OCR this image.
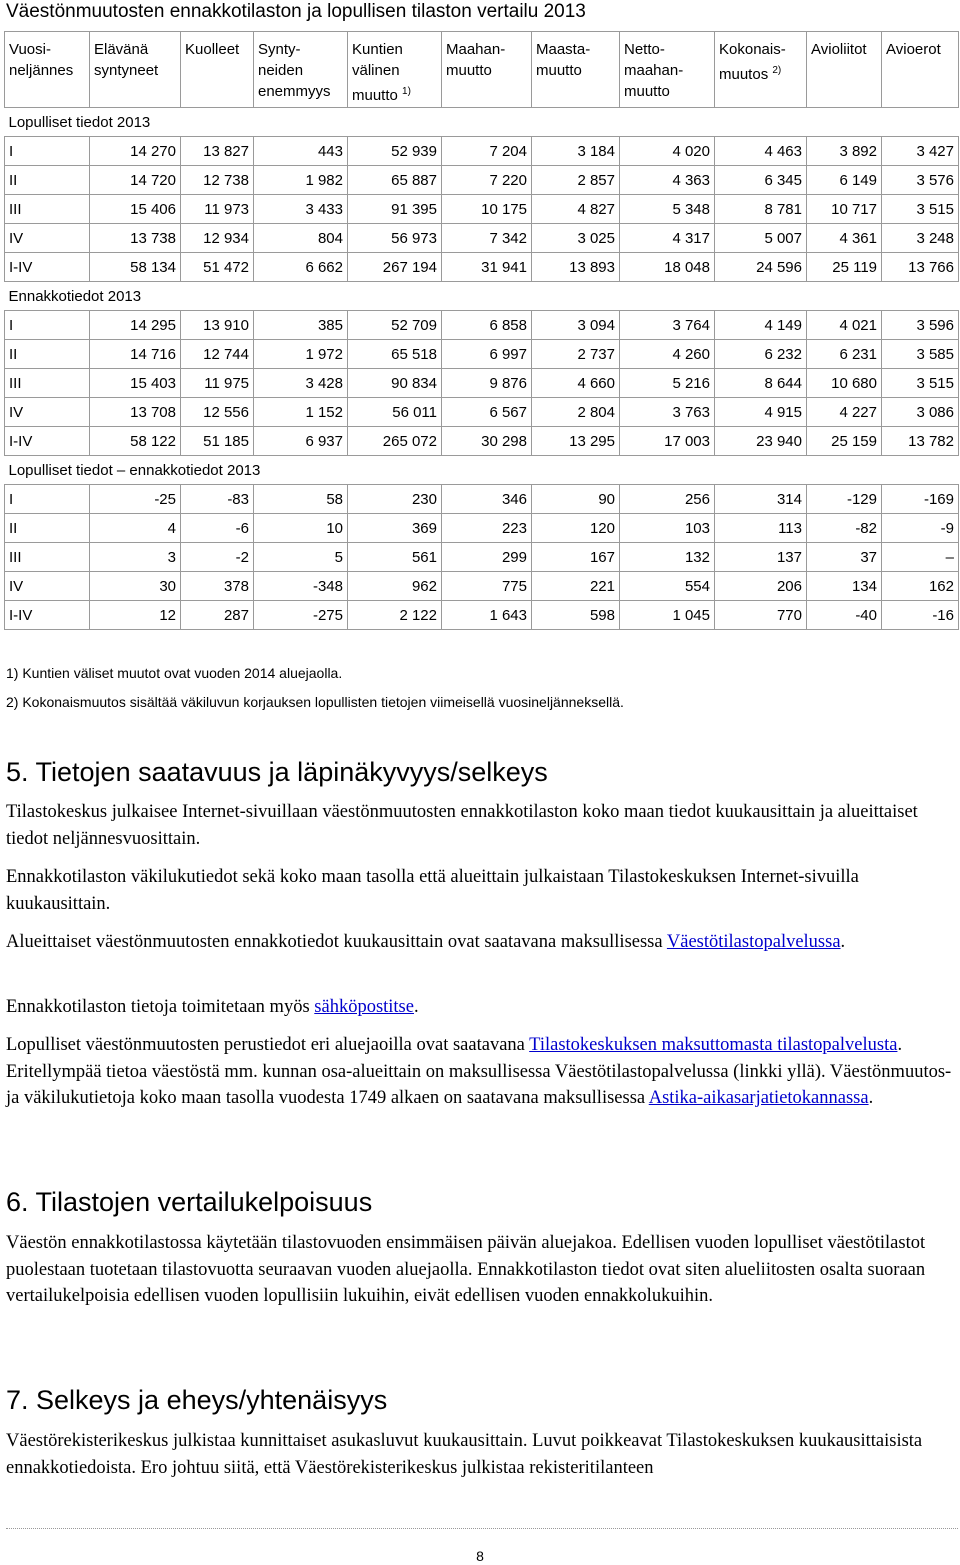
Väestönmuutosten ennakkotilaston ja lopullisen tilaston vertailu 2013
Vuosi-neljännes	Elävänä syntyneet	Kuolleet	Synty-neiden enemmyys	Kuntien välinen muutto $^{1)}$	Maahan-muutto	Maasta-muutto	Netto-maahan-muutto	Kokonais-muutos $^{2)}$	Avioliitot	Avioerot
Lopulliset tiedot 2013										
I	14 270	13 827	443	52 939	7 204	3 184	4 020	4 463	3 892	3 427
II	14 720	12 738	1 982	65 887	7 220	2 857	4 363	6 345	6 149	3 576
III	15 406	11 973	3 433	91 395	10 175	4 827	5 348	8 781	10 717	3 515
IV	13 738	12 934	804	56 973	7 342	3 025	4 317	5 007	4 361	3 248
I-IV	58 134	51 472	6 662	267 194	31 941	13 893	18 048	24 596	25 119	13 766
Ennakkotiedot 2013										
I	14 295	13 910	385	52 709	6 858	3 094	3 764	4 149	4 021	3 596
II	14 716	12 744	1 972	65 518	6 997	2 737	4 260	6 232	6 231	3 585
III	15 403	11 975	3 428	90 834	9 876	4 660	5 216	8 644	10 680	3 515
IV	13 708	12 556	1 152	56 011	6 567	2 804	3 763	4 915	4 227	3 086
I-IV	58 122	51 185	6 937	265 072	30 298	13 295	17 003	23 940	25 159	13 782
Lopulliset tiedot – ennakkotiedot 2013										
I	-25	-83	58	230	346	90	256	314	-129	-169
II	4	-6	10	369	223	120	103	113	-82	-9
III	3	-2	5	561	299	167	132	137	37	–
IV	30	378	-348	962	775	221	554	206	134	162
I-IV	12	287	-275	2 122	1 643	598	1 045	770	-40	-16
1) Kuntien väliset muutot ovat vuoden 2014 aluejaolla.
2) Kokonaismuutos sisältää väkiluvun korjauksen lopullisten tietojen viimeisellä vuosineljänneksellä.
5. Tietojen saatavuus ja läpinäkyvyys/selkeys
Tilastokeskus julkaisee Internet-sivuillaan väestönmuutosten ennakkotilaston koko maan tiedot kuukausittain ja alueittaiset tiedot neljännesvuosittain.
Ennakkotilaston väkilukutiedot sekä koko maan tasolla että alueittain julkaistaan Tilastokeskuksen Internet-sivuilla kuukausittain.
Alueittaiset väestönmuutosten ennakkotiedot kuukausittain ovat saatavana maksullisessa Väestötilastopalvelussa.
Ennakkotilaston tietoja toimitetaan myös sähköpostitse.
Lopulliset väestönmuutosten perustiedot eri aluejaoilla ovat saatavana Tilastokeskuksen maksuttomasta tilastopalvelusta. Eritellympää tietoa väestöstä mm. kunnan osa-alueittain on maksullisessa Väestötilastopalvelussa (linkki yllä). Väestönmuutos- ja väkilukutietoja koko maan tasolla vuodesta 1749 alkaen on saatavana maksullisessa Astika-aikasarjatietokannassa.
6. Tilastojen vertailukelpoisuus
Väestön ennakkotilastossa käytetään tilastovuoden ensimmäisen päivän aluejakoa. Edellisen vuoden lopulliset väestötilastot puolestaan tuotetaan tilastovuotta seuraavan vuoden aluejaolla. Ennakkotilaston tiedot ovat siten alueliitosten osalta suoraan vertailukelpoisia edellisen vuoden lopullisiin lukuihin, eivät edellisen vuoden ennakkolukuihin.
7. Selkeys ja eheys/yhtenäisyys
Väestörekisterikeskus julkistaa kunnittaiset asukasluvut kuukausittain. Luvut poikkeavat Tilastokeskuksen kuukausittaisista ennakkotiedoista. Ero johtuu siitä, että Väestörekisterikeskus julkistaa rekisteritilanteen
8
